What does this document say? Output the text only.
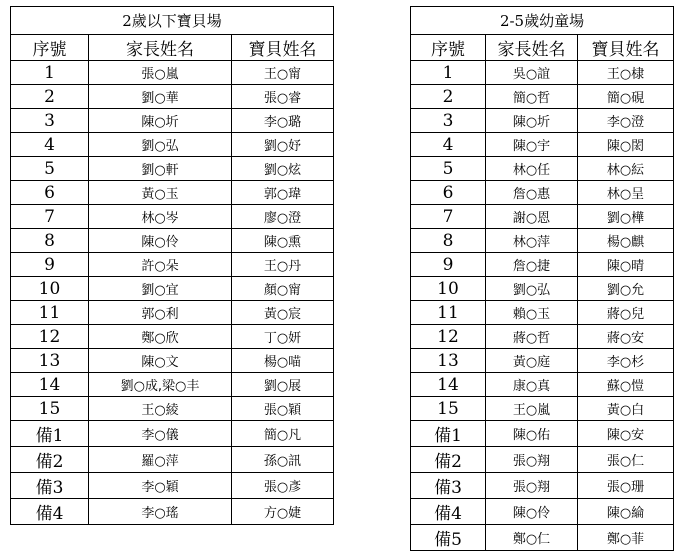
2歲以下寶貝場		
序號	家長姓名	寶貝姓名
1	張○嵐	王○甯
2	劉○華	張○睿
3	陳○圻	李○璐
4	劉○弘	劉○妤
5	劉○軒	劉○炫
6	黃○玉	郭○瑋
7	林○岑	廖○澄
8	陳○伶	陳○熏
9	許○朵	王○丹
10	劉○宜	顏○甯
11	郭○利	黃○宸
12	鄭○欣	丁○妍
13	陳○文	楊○喵
14	劉○成,梁○丰	劉○展
15	王○綾	張○穎
備1	李○儀	簡○凡
備2	羅○萍	孫○訊
備3	李○穎	張○彥
備4	李○瑤	方○婕
2-5歲幼童場		
序號	家長姓名	寶貝姓名
1	吳○誼	王○棣
2	簡○哲	簡○硯
3	陳○圻	李○澄
4	陳○宇	陳○閎
5	林○任	林○紜
6	詹○惠	林○呈
7	謝○恩	劉○樺
8	林○萍	楊○麒
9	詹○捷	陳○晴
10	劉○弘	劉○允
11	賴○玉	蔣○兒
12	蔣○哲	蔣○安
13	黃○庭	李○杉
14	康○真	蘇○愷
15	王○嵐	黃○白
備1	陳○佑	陳○安
備2	張○翔	張○仁
備3	張○翔	張○珊
備4	陳○伶	陳○綸
備5	鄭○仁	鄭○菲
